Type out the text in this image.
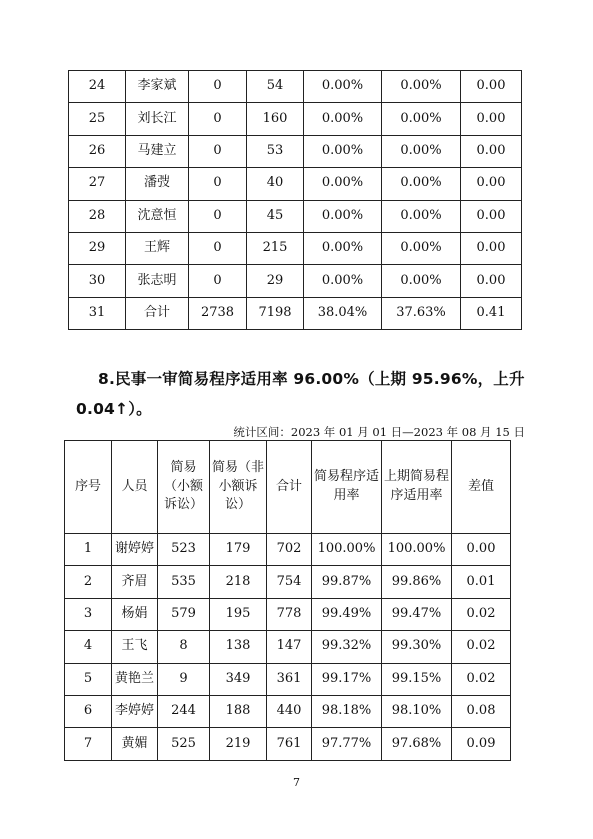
24	李家斌	0	54	0.00%	0.00%	0.00
25	刘长江	0	160	0.00%	0.00%	0.00
26	马建立	0	53	0.00%	0.00%	0.00
27	潘弢	0	40	0.00%	0.00%	0.00
28	沈意恒	0	45	0.00%	0.00%	0.00
29	王辉	0	215	0.00%	0.00%	0.00
30	张志明	0	29	0.00%	0.00%	0.00
31	合计	2738	7198	38.04%	37.63%	0.41
8.民事一审简易程序适用率 96.00%（上期 95.96%，上升
0.04↑）。
统计区间：2023 年 01 月 01 日—2023 年 08 月 15 日
序号	人员	简易（小额诉讼）	简易（非小额诉讼）	合计	简易程序适用率	上期简易程序适用率	差值
1	谢婷婷	523	179	702	100.00%	100.00%	0.00
2	齐眉	535	218	754	99.87%	99.86%	0.01
3	杨娟	579	195	778	99.49%	99.47%	0.02
4	王飞	8	138	147	99.32%	99.30%	0.02
5	黄艳兰	9	349	361	99.17%	99.15%	0.02
6	李婷婷	244	188	440	98.18%	98.10%	0.08
7	黄媚	525	219	761	97.77%	97.68%	0.09
7
